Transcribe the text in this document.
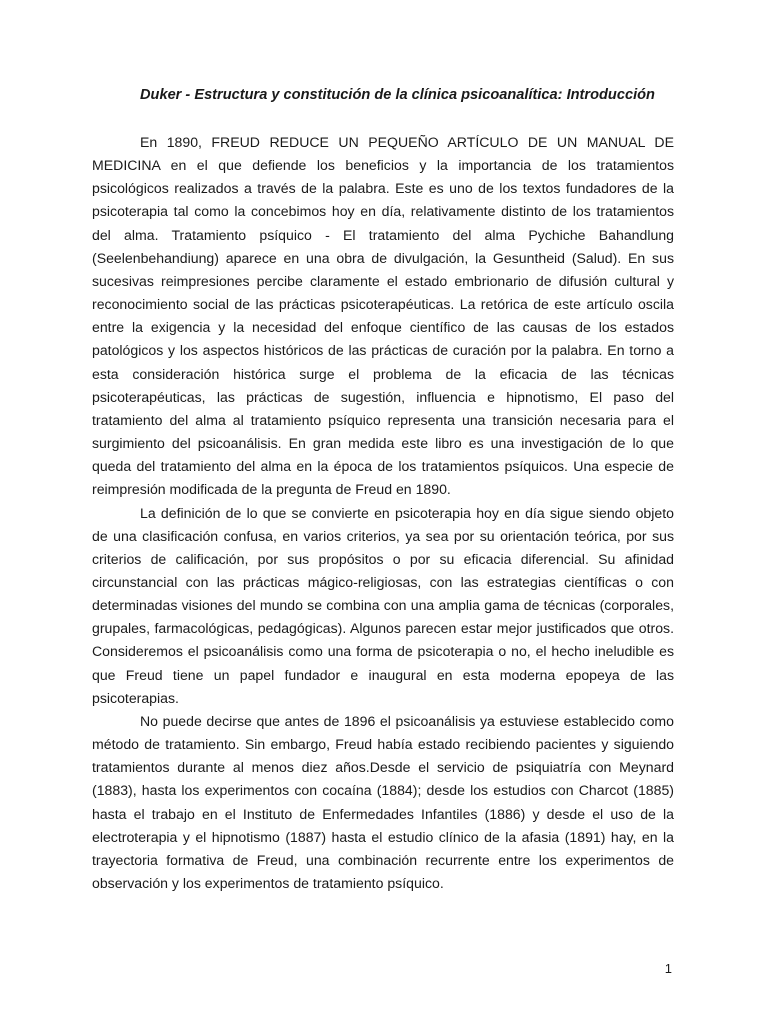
Duker - Estructura y constitución de la clínica psicoanalítica: Introducción

En 1890, FREUD REDUCE UN PEQUEÑO ARTÍCULO DE UN MANUAL DE MEDICINA en el que defiende los beneficios y la importancia de los tratamientos psicológicos realizados a través de la palabra. Este es uno de los textos fundadores de la psicoterapia tal como la concebimos hoy en día, relativamente distinto de los tratamientos del alma. Tratamiento psíquico - El tratamiento del alma Pychiche Bahandlung (Seelenbehandiung) aparece en una obra de divulgación, la Gesuntheid (Salud). En sus sucesivas reimpresiones percibe claramente el estado embrionario de difusión cultural y reconocimiento social de las prácticas psicoterapéuticas. La retórica de este artículo oscila entre la exigencia y la necesidad del enfoque científico de las causas de los estados patológicos y los aspectos históricos de las prácticas de curación por la palabra. En torno a esta consideración histórica surge el problema de la eficacia de las técnicas psicoterapéuticas, las prácticas de sugestión, influencia e hipnotismo, El paso del tratamiento del alma al tratamiento psíquico representa una transición necesaria para el surgimiento del psicoanálisis. En gran medida este libro es una investigación de lo que queda del tratamiento del alma en la época de los tratamientos psíquicos. Una especie de reimpresión modificada de la pregunta de Freud en 1890.

La definición de lo que se convierte en psicoterapia hoy en día sigue siendo objeto de una clasificación confusa, en varios criterios, ya sea por su orientación teórica, por sus criterios de calificación, por sus propósitos o por su eficacia diferencial. Su afinidad circunstancial con las prácticas mágico-religiosas, con las estrategias científicas o con determinadas visiones del mundo se combina con una amplia gama de técnicas (corporales, grupales, farmacológicas, pedagógicas). Algunos parecen estar mejor justificados que otros. Consideremos el psicoanálisis como una forma de psicoterapia o no, el hecho ineludible es que Freud tiene un papel fundador e inaugural en esta moderna epopeya de las psicoterapias.

No puede decirse que antes de 1896 el psicoanálisis ya estuviese establecido como método de tratamiento. Sin embargo, Freud había estado recibiendo pacientes y siguiendo tratamientos durante al menos diez años.Desde el servicio de psiquiatría con Meynard (1883), hasta los experimentos con cocaína (1884); desde los estudios con Charcot (1885) hasta el trabajo en el Instituto de Enfermedades Infantiles (1886) y desde el uso de la electroterapia y el hipnotismo (1887) hasta el estudio clínico de la afasia (1891) hay, en la trayectoria formativa de Freud, una combinación recurrente entre los experimentos de observación y los experimentos de tratamiento psíquico.

1
